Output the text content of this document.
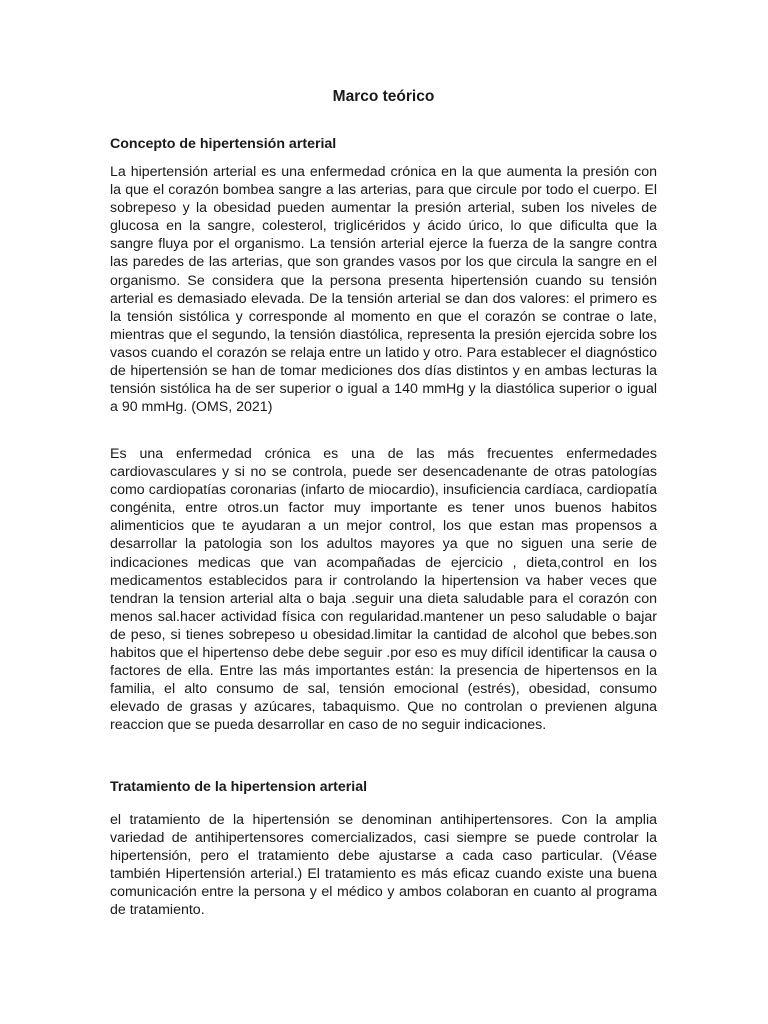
Marco teórico
Concepto de hipertensión arterial

La hipertensión arterial es una enfermedad crónica en la que aumenta la presión con la que el corazón bombea sangre a las arterias, para que circule por todo el cuerpo. El sobrepeso y la obesidad pueden aumentar la presión arterial, suben los niveles de glucosa en la sangre, colesterol, triglicéridos y ácido úrico, lo que dificulta que la sangre fluya por el organismo. La tensión arterial ejerce la fuerza de la sangre contra las paredes de las arterias, que son grandes vasos por los que circula la sangre en el organismo. Se considera que la persona presenta hipertensión cuando su tensión arterial es demasiado elevada. De la tensión arterial se dan dos valores: el primero es la tensión sistólica y corresponde al momento en que el corazón se contrae o late, mientras que el segundo, la tensión diastólica, representa la presión ejercida sobre los vasos cuando el corazón se relaja entre un latido y otro. Para establecer el diagnóstico de hipertensión se han de tomar mediciones dos días distintos y en ambas lecturas la tensión sistólica ha de ser superior o igual a 140 mmHg y la diastólica superior o igual a 90 mmHg. (OMS, 2021)

Es una enfermedad crónica es una de las más frecuentes enfermedades cardiovasculares y si no se controla, puede ser desencadenante de otras patologías como cardiopatías coronarias (infarto de miocardio), insuficiencia cardíaca, cardiopatía congénita, entre otros.un factor muy importante es tener unos buenos habitos alimenticios que te ayudaran a un mejor control, los que estan mas propensos a desarrollar la patologia son los adultos mayores ya que no siguen una serie de indicaciones medicas que van acompañadas de ejercicio , dieta,control en los medicamentos establecidos para ir controlando la hipertension va haber veces que tendran la tension arterial alta o baja .seguir una dieta saludable para el corazón con menos sal.hacer actividad física con regularidad.mantener un peso saludable o bajar de peso, si tienes sobrepeso u obesidad.limitar la cantidad de alcohol que bebes.son habitos que el hipertenso debe debe seguir .por eso es muy difícil identificar la causa o factores de ella. Entre las más importantes están: la presencia de hipertensos en la familia, el alto consumo de sal, tensión emocional (estrés), obesidad, consumo elevado de grasas y azúcares, tabaquismo. Que no controlan o previenen alguna reaccion que se pueda desarrollar en caso de no seguir indicaciones.

Tratamiento de la hipertension arterial

el tratamiento de la hipertensión se denominan antihipertensores. Con la amplia variedad de antihipertensores comercializados, casi siempre se puede controlar la hipertensión, pero el tratamiento debe ajustarse a cada caso particular. (Véase también Hipertensión arterial.) El tratamiento es más eficaz cuando existe una buena comunicación entre la persona y el médico y ambos colaboran en cuanto al programa de tratamiento.
